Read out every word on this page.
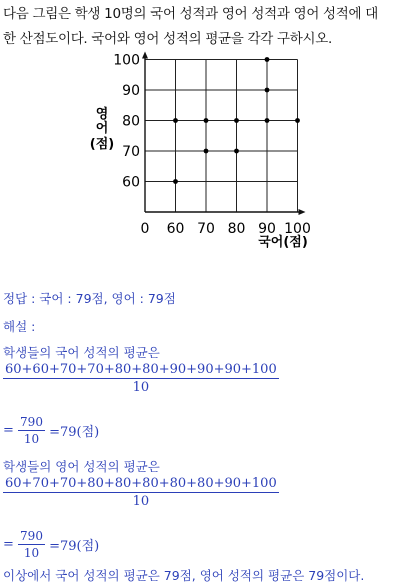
다음 그림은 학생 10명의 국어 성적과 영어 성적과 영어 성적에 대
한 산점도이다. 국어와 영어 성적의 평균을 각각 구하시오.
0 60 70 80 90 100
60
70
80
90
100
영
어
(점)
국어(점)
정답 : 국어 : 79점, 영어 : 79점
해설 :
학생들의 국어 성적의 평균은
$\frac{60+60+70+70+80+80+90+90+90+100}{10}$
= $\frac{790}{10} =79$(점)
학생들의 영어 성적의 평균은
$\frac{60+70+70+80+80+80+80+80+90+100}{10}$
= $\frac{790}{10} =79$(점)
이상에서 국어 성적의 평균은 79점, 영어 성적의 평균은 79점이다.
